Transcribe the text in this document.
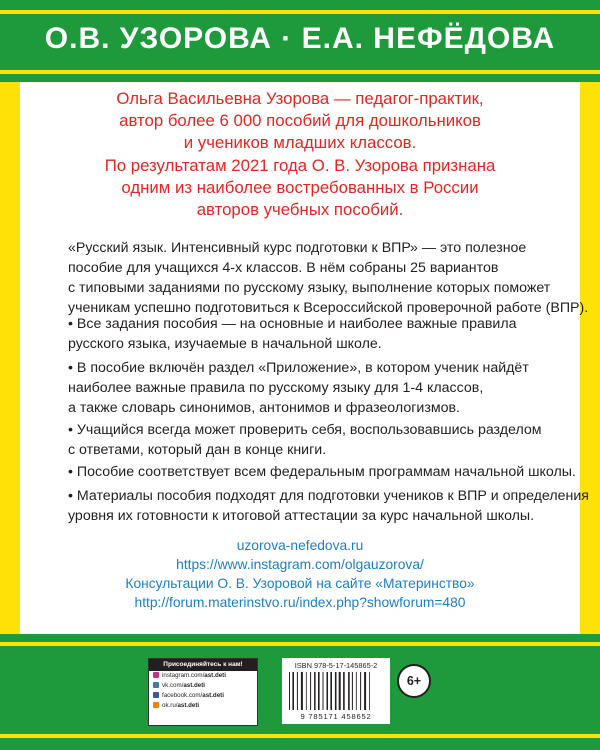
О.В. УЗОРОВА · Е.А. НЕФЁДОВА
Ольга Васильевна Узорова — педагог-практик,
автор более 6 000 пособий для дошкольников
и учеников младших классов.
По результатам 2021 года О. В. Узорова признана
одним из наиболее востребованных в России
авторов учебных пособий.
«Русский язык. Интенсивный курс подготовки к ВПР» — это полезное
пособие для учащихся 4-х классов. В нём собраны 25 вариантов
с типовыми заданиями по русскому языку, выполнение которых поможет
ученикам успешно подготовиться к Всероссийской проверочной работе (ВПР).
• Все задания пособия — на основные и наиболее важные правила
русского языка, изучаемые в начальной школе.
• В пособие включён раздел «Приложение», в котором ученик найдёт
наиболее важные правила по русскому языку для 1-4 классов,
а также словарь синонимов, антонимов и фразеологизмов.
• Учащийся всегда может проверить себя, воспользовавшись разделом
с ответами, который дан в конце книги.
• Пособие соответствует всем федеральным программам начальной школы.
• Материалы пособия подходят для подготовки учеников к ВПР и определения
уровня их готовности к итоговой аттестации за курс начальной школы.
uzorova-nefedova.ru
https://www.instagram.com/olgauzorova/
Консультации О. В. Узоровой на сайте «Материнство»
http://forum.materinstvo.ru/index.php?showforum=480
Присоединяйтесь к нам!
instagram.com/ast.deti
vk.com/ast.deti
facebook.com/ast.deti
ok.ru/ast.deti
ISBN 978-5-17-145865-2
9 785171 458652
6+
